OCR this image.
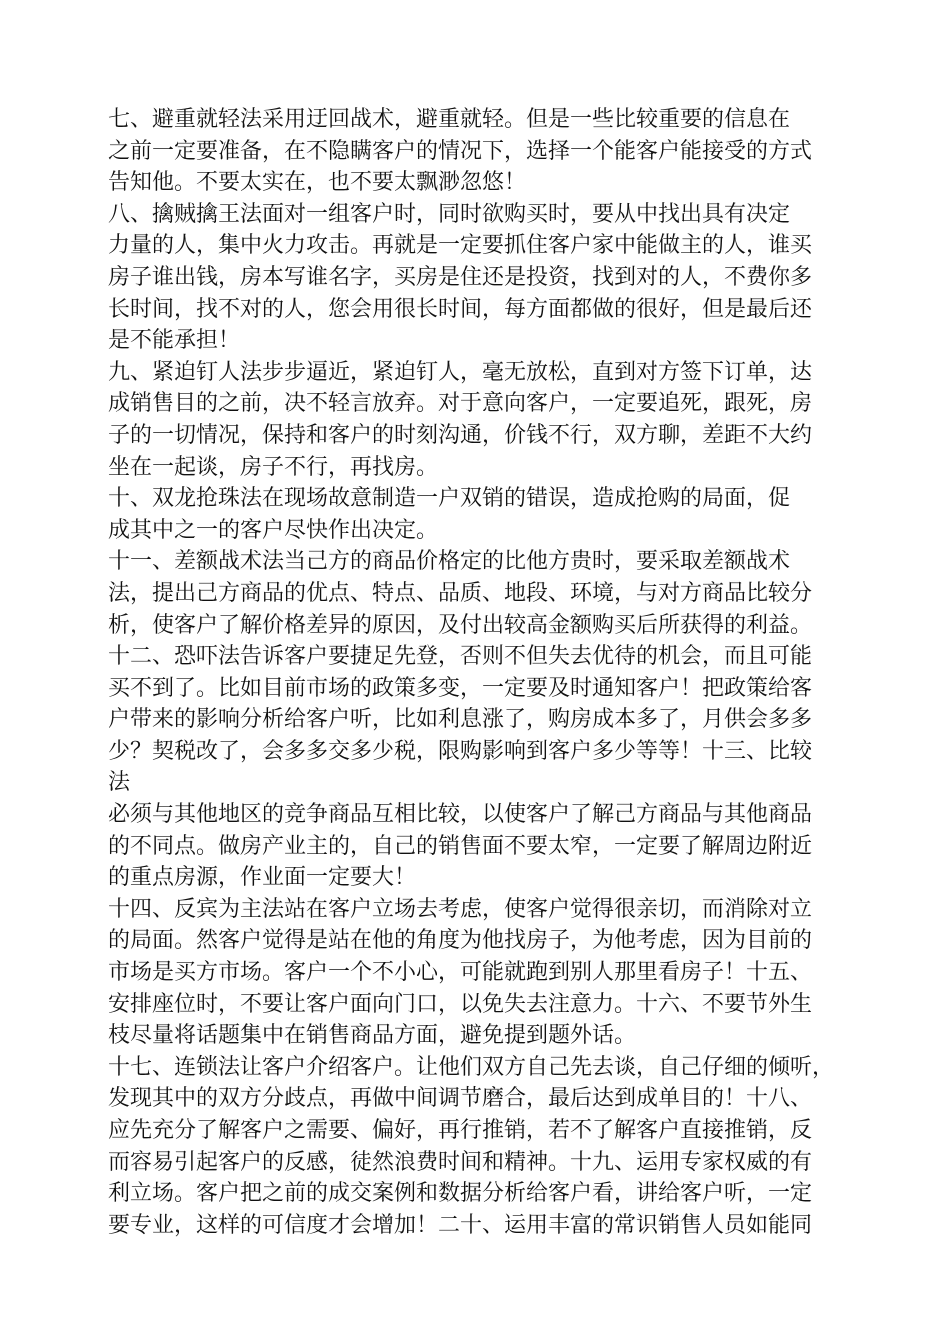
七、避重就轻法采用迂回战术，避重就轻。但是一些比较重要的信息在
之前一定要准备，在不隐瞒客户的情况下，选择一个能客户能接受的方式
告知他。不要太实在，也不要太飘渺忽悠！
八、擒贼擒王法面对一组客户时，同时欲购买时，要从中找出具有决定
力量的人，集中火力攻击。再就是一定要抓住客户家中能做主的人，谁买
房子谁出钱，房本写谁名字，买房是住还是投资，找到对的人，不费你多
长时间，找不对的人，您会用很长时间，每方面都做的很好，但是最后还
是不能承担！
九、紧迫钉人法步步逼近，紧迫钉人，毫无放松，直到对方签下订单，达
成销售目的之前，决不轻言放弃。对于意向客户，一定要追死，跟死，房
子的一切情况，保持和客户的时刻沟通，价钱不行，双方聊，差距不大约
坐在一起谈，房子不行，再找房。
十、双龙抢珠法在现场故意制造一户双销的错误，造成抢购的局面，促
成其中之一的客户尽快作出决定。
十一、差额战术法当己方的商品价格定的比他方贵时，要采取差额战术
法，提出己方商品的优点、特点、品质、地段、环境，与对方商品比较分
析，使客户了解价格差异的原因，及付出较高金额购买后所获得的利益。
十二、恐吓法告诉客户要捷足先登，否则不但失去优待的机会，而且可能
买不到了。比如目前市场的政策多变，一定要及时通知客户！把政策给客
户带来的影响分析给客户听，比如利息涨了，购房成本多了，月供会多多
少？契税改了，会多多交多少税，限购影响到客户多少等等！十三、比较
法
必须与其他地区的竞争商品互相比较，以使客户了解己方商品与其他商品
的不同点。做房产业主的，自己的销售面不要太窄，一定要了解周边附近
的重点房源，作业面一定要大！
十四、反宾为主法站在客户立场去考虑，使客户觉得很亲切，而消除对立
的局面。然客户觉得是站在他的角度为他找房子，为他考虑，因为目前的
市场是买方市场。客户一个不小心，可能就跑到别人那里看房子！十五、
安排座位时，不要让客户面向门口，以免失去注意力。十六、不要节外生
枝尽量将话题集中在销售商品方面，避免提到题外话。
十七、连锁法让客户介绍客户。让他们双方自己先去谈，自己仔细的倾听，
发现其中的双方分歧点，再做中间调节磨合，最后达到成单目的！十八、
应先充分了解客户之需要、偏好，再行推销，若不了解客户直接推销，反
而容易引起客户的反感，徒然浪费时间和精神。十九、运用专家权威的有
利立场。客户把之前的成交案例和数据分析给客户看，讲给客户听，一定
要专业，这样的可信度才会增加！二十、运用丰富的常识销售人员如能同
